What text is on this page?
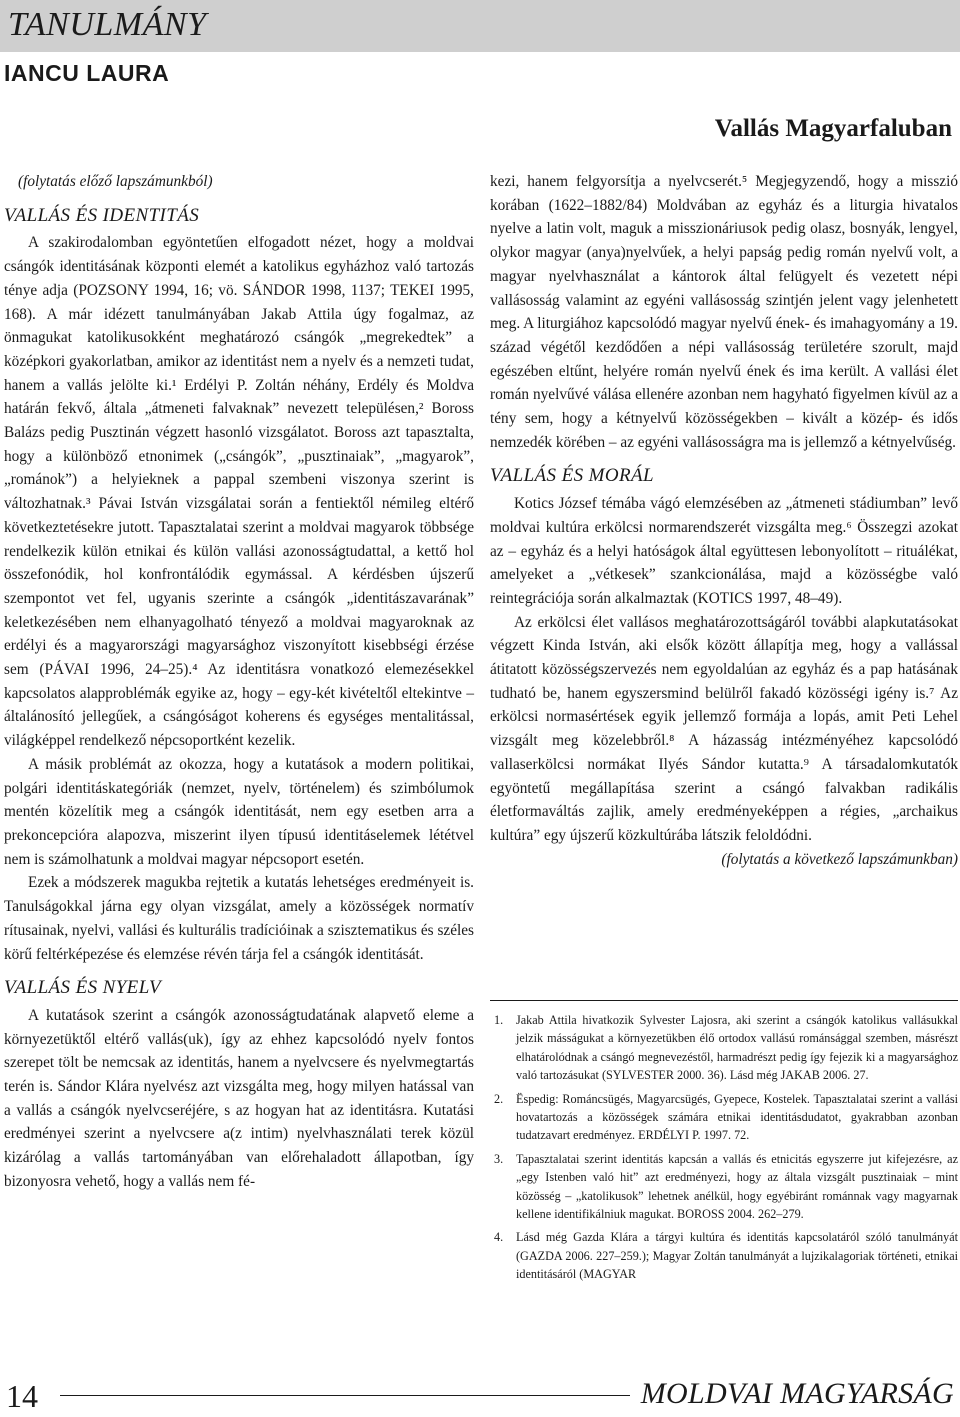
TANULMÁNY
IANCU LAURA
Vallás Magyarfaluban

(folytatás előző lapszámunkból)

VALLÁS ÉS IDENTITÁS

A szakirodalomban egyöntetűen elfogadott nézet, hogy a moldvai csángók identitásának központi elemét a katolikus egyházhoz való tartozás ténye adja (POZSONY 1994, 16; vö. SÁNDOR 1998, 1137; TEKEI 1995, 168). A már idézett tanulmányában Jakab Attila úgy fogalmaz, az önmagukat katolikusokként meghatározó csángók „megrekedtek” a középkori gyakorlatban, amikor az identitást nem a nyelv és a nemzeti tudat, hanem a vallás jelölte ki.¹ Erdélyi P. Zoltán néhány, Erdély és Moldva határán fekvő, általa „átmeneti falvaknak” nevezett településen,² Boross Balázs pedig Pusztinán végzett hasonló vizsgálatot. Boross azt tapasztalta, hogy a különböző etnonimek („csángók”, „pusztinaiak”, „magyarok”, „románok”) a helyieknek a pappal szembeni viszonya szerint is változhatnak.³ Pávai István vizsgálatai során a fentiektől némileg eltérő következtetésekre jutott. Tapasztalatai szerint a moldvai magyarok többsége rendelkezik külön etnikai és külön vallási azonosságtudattal, a kettő hol összefonódik, hol konfrontálódik egymással. A kérdésben újszerű szempontot vet fel, ugyanis szerinte a csángók „identitászavarának” keletkezésében nem elhanyagolható tényező a moldvai magyaroknak az erdélyi és a magyarországi magyarsághoz viszonyított kisebbségi érzése sem (PÁVAI 1996, 24–25).⁴ Az identitásra vonatkozó elemezésekkel kapcsolatos alapproblémák egyike az, hogy – egy-két kivételtől eltekintve – általánosító jellegűek, a csángóságot koherens és egységes mentalitással, világképpel rendelkező népcsoportként kezelik.

A másik problémát az okozza, hogy a kutatások a modern politikai, polgári identitáskategóriák (nemzet, nyelv, történelem) és szimbólumok mentén közelítik meg a csángók identitását, nem egy esetben arra a prekoncepcióra alapozva, miszerint ilyen típusú identitáselemek lététvel nem is számolhatunk a moldvai magyar népcsoport esetén.

Ezek a módszerek magukba rejtetik a kutatás lehetséges eredményeit is. Tanulságokkal járna egy olyan vizsgálat, amely a közösségek normatív rítusainak, nyelvi, vallási és kulturális tradícióinak a szisztematikus és széles körű feltérképezése és elemzése révén tárja fel a csángók identitását.

VALLÁS ÉS NYELV

A kutatások szerint a csángók azonosságtudatának alapvető eleme a környezetüktől eltérő vallás(uk), így az ehhez kapcsolódó nyelv fontos szerepet tölt be nemcsak az identitás, hanem a nyelvcsere és nyelvmegtartás terén is. Sándor Klára nyelvész azt vizsgálta meg, hogy milyen hatással van a vallás a csángók nyelvcseréjére, s az hogyan hat az identitásra. Kutatási eredményei szerint a nyelvcsere a(z intim) nyelvhasználati terek közül kizárólag a vallás tartományában van előrehaladott állapotban, így bizonyosra vehető, hogy a vallás nem fé-

kezi, hanem felgyorsítja a nyelvcserét.⁵ Megjegyzendő, hogy a misszió korában (1622–1882/84) Moldvában az egyház és a liturgia hivatalos nyelve a latin volt, maguk a misszionáriusok pedig olasz, bosnyák, lengyel, olykor magyar (anya)nyelvűek, a helyi papság pedig román nyelvű volt, a magyar nyelvhasználat a kántorok által felügyelt és vezetett népi vallásosság valamint az egyéni vallásosság szintjén jelent vagy jelenhetett meg. A liturgiához kapcsolódó magyar nyelvű ének- és imahagyomány a 19. század végétől kezdődően a népi vallásosság területére szorult, majd egészében eltűnt, helyére román nyelvű ének és ima került. A vallási élet román nyelvűvé válása ellenére azonban nem hagyható figyelmen kívül az a tény sem, hogy a kétnyelvű közösségekben – kivált a közép- és idős nemzedék körében – az egyéni vallásosságra ma is jellemző a kétnyelvűség.

VALLÁS ÉS MORÁL

Kotics József témába vágó elemzésében az „átmeneti stádiumban” levő moldvai kultúra erkölcsi normarendszerét vizsgálta meg.⁶ Összegzi azokat az – egyház és a helyi hatóságok által együttesen lebonyolított – rituálékat, amelyeket a „vétkesek” szankcionálása, majd a közösségbe való reintegrációja során alkalmaztak (KOTICS 1997, 48–49).

Az erkölcsi élet vallásos meghatározottságáról további alapkutatásokat végzett Kinda István, aki elsők között állapítja meg, hogy a vallással átitatott közösségszervezés nem egyoldalúan az egyház és a pap hatásának tudható be, hanem egyszersmind belülről fakadó közösségi igény is.⁷ Az erkölcsi normasértések egyik jellemző formája a lopás, amit Peti Lehel vizsgált meg közelebbről.⁸ A házasság intézményéhez kapcsolódó vallaserkölcsi normákat Ilyés Sándor kutatta.⁹ A társadalomkutatók egyöntetű megállapítása szerint a csángó falvakban radikális életformaváltás zajlik, amely eredményeképpen a régies, „archaikus kultúra” egy újszerű közkultúrába látszik feloldódni.

(folytatás a következő lapszámunkban)

1. Jakab Attila hivatkozik Sylvester Lajosra, aki szerint a csángók katolikus vallásukkal jelzik másságukat a környezetükben élő ortodox vallású románsággal szemben, másrészt elhatárolódnak a csángó megnevezéstől, harmadrészt pedig így fejezik ki a magyarsághoz való tartozásukat (SYLVESTER 2000. 36). Lásd még JAKAB 2006. 27.

2. Ëspedig: Románcsügés, Magyarcsügés, Gyepece, Kostelek. Tapasztalatai szerint a vallási hovatartozás a közösségek számára etnikai identitásdudatot, gyakrabban azonban tudatzavart eredményez. ERDÉLYI P. 1997. 72.

3. Tapasztalatai szerint identitás kapcsán a vallás és etnicitás egyszerre jut kifejezésre, az „egy Istenben való hit” azt eredményezi, hogy az általa vizsgált pusztinaiak – mint közösség – „katolikusok” lehetnek anélkül, hogy egyébiránt románnak vagy magyarnak kellene identifikálniuk magukat. BOROSS 2004. 262–279.

4. Lásd még Gazda Klára a tárgyi kultúra és identitás kapcsolatáról szóló tanulmányát (GAZDA 2006. 227–259.); Magyar Zoltán tanulmányát a lujzikalagoriak történeti, etnikai identitásáról (MAGYAR

14	MOLDVAI MAGYARSÁG
